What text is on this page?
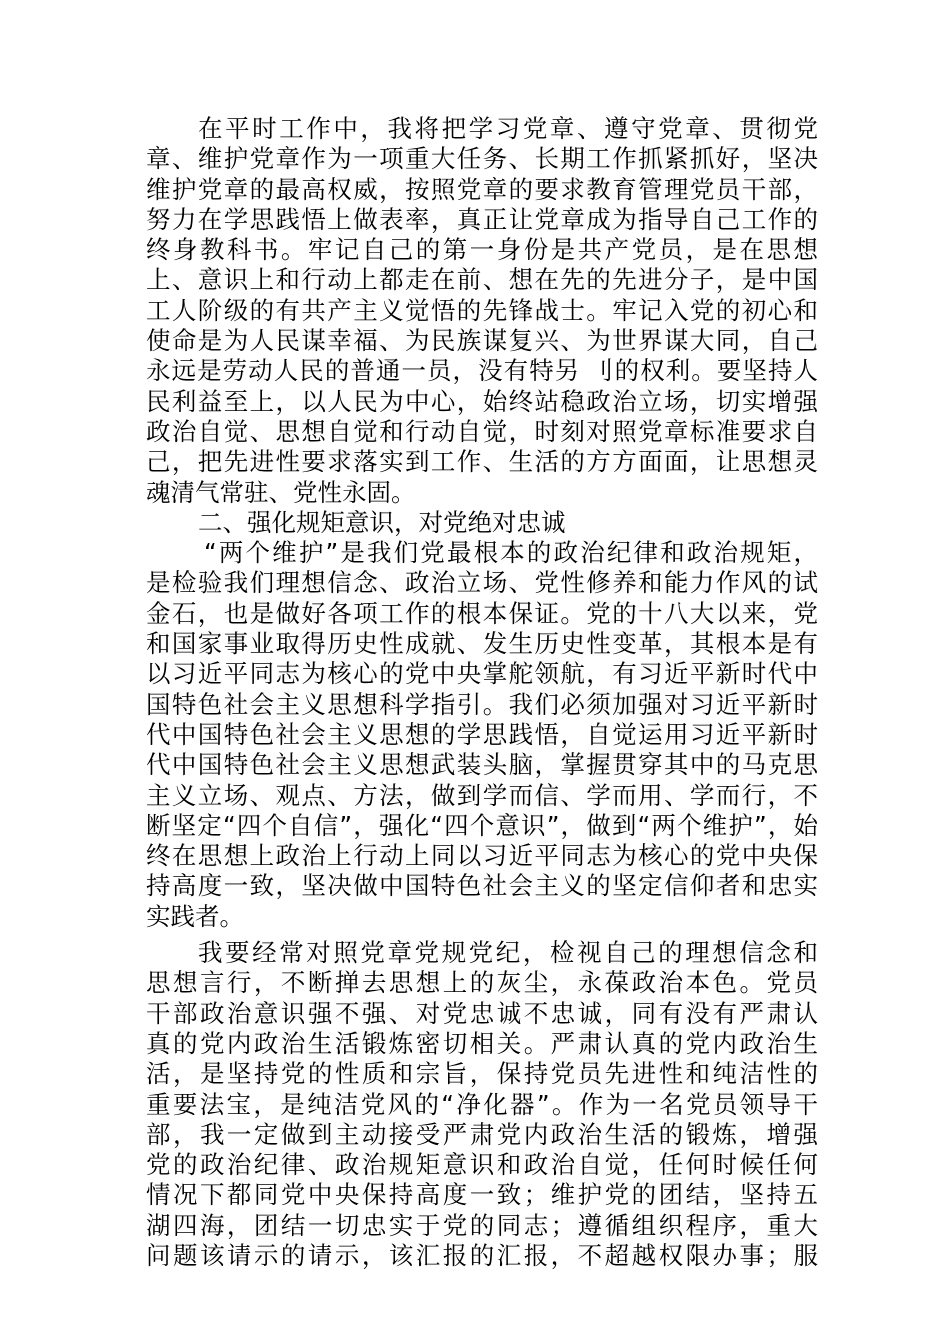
在平时工作中，我将把学习党章、遵守党章、贯彻党
章、维护党章作为一项重大任务、长期工作抓紧抓好，坚决
维护党章的最高权威，按照党章的要求教育管理党员干部，
努力在学思践悟上做表率，真正让党章成为指导自己工作的
终身教科书。牢记自己的第一身份是共产党员，是在思想
上、意识上和行动上都走在前、想在先的先进分子，是中国
工人阶级的有共产主义觉悟的先锋战士。牢记入党的初心和
使命是为人民谋幸福、为民族谋复兴、为世界谋大同，自己
永远是劳动人民的普通一员，没有特另 刂的权利。要坚持人
民利益至上，以人民为中心，始终站稳政治立场，切实增强
政治自觉、思想自觉和行动自觉，时刻对照党章标准要求自
己，把先进性要求落实到工作、生活的方方面面，让思想灵
魂清气常驻、党性永固。
二、强化规矩意识，对党绝对忠诚
“两个维护”是我们党最根本的政治纪律和政治规矩，
是检验我们理想信念、政治立场、党性修养和能力作风的试
金石，也是做好各项工作的根本保证。党的十八大以来，党
和国家事业取得历史性成就、发生历史性变革，其根本是有
以习近平同志为核心的党中央掌舵领航，有习近平新时代中
国特色社会主义思想科学指引。我们必须加强对习近平新时
代中国特色社会主义思想的学思践悟，自觉运用习近平新时
代中国特色社会主义思想武装头脑，掌握贯穿其中的马克思
主义立场、观点、方法，做到学而信、学而用、学而行，不
断坚定“四个自信”，强化“四个意识”，做到“两个维护”，始
终在思想上政治上行动上同以习近平同志为核心的党中央保
持高度一致，坚决做中国特色社会主义的坚定信仰者和忠实
实践者。
我要经常对照党章党规党纪，检视自己的理想信念和
思想言行，不断掸去思想上的灰尘，永葆政治本色。党员
干部政治意识强不强、对党忠诚不忠诚，同有没有严肃认
真的党内政治生活锻炼密切相关。严肃认真的党内政治生
活，是坚持党的性质和宗旨，保持党员先进性和纯洁性的
重要法宝，是纯洁党风的“净化器”。作为一名党员领导干
部，我一定做到主动接受严肃党内政治生活的锻炼，增强
党的政治纪律、政治规矩意识和政治自觉，任何时候任何
情况下都同党中央保持高度一致；维护党的团结，坚持五
湖四海，团结一切忠实于党的同志；遵循组织程序，重大
问题该请示的请示，该汇报的汇报，不超越权限办事；服
